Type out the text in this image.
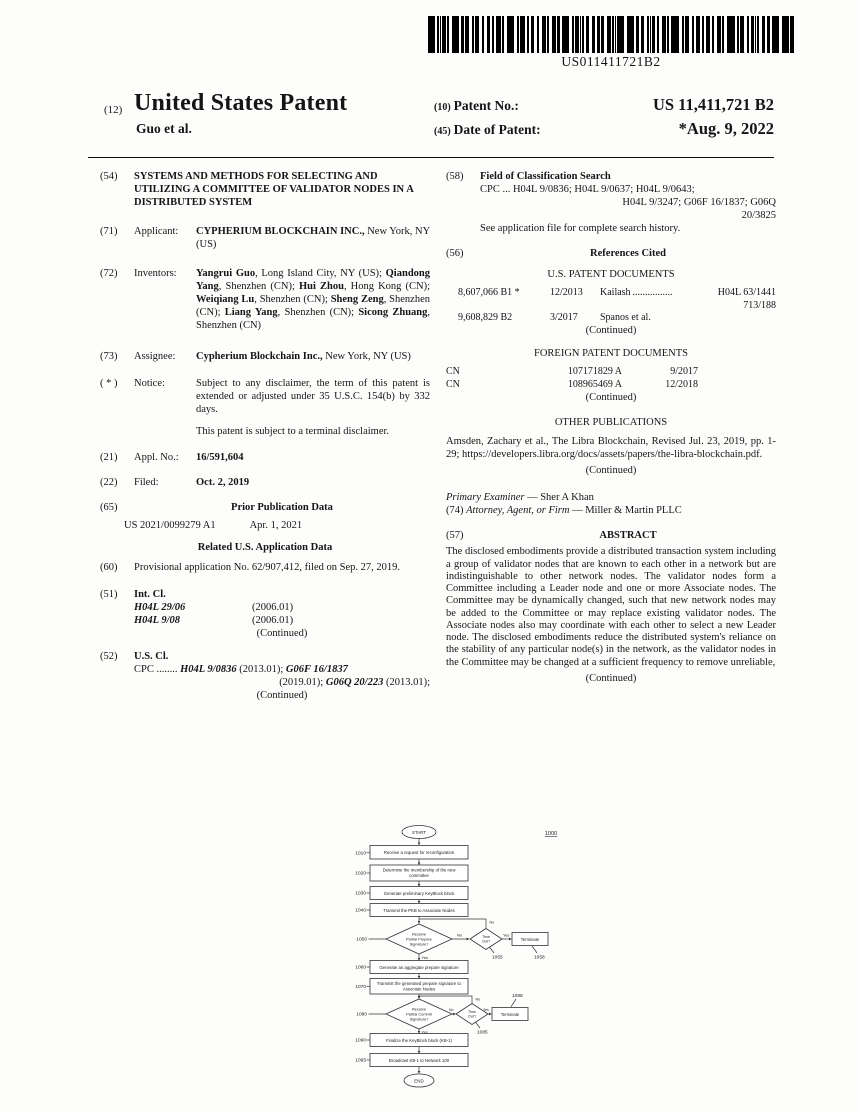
US011411721B2
(12) United States Patent
Guo et al.
(10) Patent No.:	US 11,411,721 B2
(45) Date of Patent:	*Aug. 9, 2022
(54)	SYSTEMS AND METHODS FOR SELECTING AND UTILIZING A COMMITTEE OF VALIDATOR NODES IN A DISTRIBUTED SYSTEM
(71)	Applicant:	CYPHERIUM BLOCKCHAIN INC., New York, NY (US)
(72)	Inventors:	Yangrui Guo, Long Island City, NY (US); Qiandong Yang, Shenzhen (CN); Hui Zhou, Hong Kong (CN); Weiqiang Lu, Shenzhen (CN); Sheng Zeng, Shenzhen (CN); Liang Yang, Shenzhen (CN); Sicong Zhuang, Shenzhen (CN)
(73)	Assignee:	Cypherium Blockchain Inc., New York, NY (US)
( * )	Notice:	Subject to any disclaimer, the term of this patent is extended or adjusted under 35 U.S.C. 154(b) by 332 days.
This patent is subject to a terminal disclaimer.
(21)	Appl. No.:	16/591,604
(22)	Filed:	Oct. 2, 2019
(65)	Prior Publication Data
US 2021/0099279 A1	Apr. 1, 2021
Related U.S. Application Data
(60)	Provisional application No. 62/907,412, filed on Sep. 27, 2019.
(51)	Int. Cl.
H04L 29/06	(2006.01)
H04L 9/08	(2006.01)
(Continued)
(52)	U.S. Cl.
CPC ........ H04L 9/0836 (2013.01); G06F 16/1837
(2019.01); G06Q 20/223 (2013.01);
(Continued)
(58)	Field of Classification Search
CPC ... H04L 9/0836; H04L 9/0637; H04L 9/0643;
H04L 9/3247; G06F 16/1837; G06Q
20/3825
See application file for complete search history.
(56)	References Cited
U.S. PATENT DOCUMENTS
8,607,066 B1 *	12/2013	Kailash ................	H04L 63/1441
713/188
9,608,829 B2	3/2017	Spanos et al.
(Continued)
FOREIGN PATENT DOCUMENTS
CN	107171829 A	9/2017
CN	108965469 A	12/2018
(Continued)
OTHER PUBLICATIONS
Amsden, Zachary et al., The Libra Blockchain, Revised Jul. 23, 2019, pp. 1-29; https://developers.libra.org/docs/assets/papers/the-libra-blockchain.pdf.
(Continued)
Primary Examiner — Sher A Khan
(74) Attorney, Agent, or Firm — Miller & Martin PLLC
(57)	ABSTRACT
The disclosed embodiments provide a distributed transaction system including a group of validator nodes that are known to each other in a network but are indistinguishable to other network nodes. The validator nodes form a Committee including a Leader node and one or more Associate nodes. The Committee may be dynamically changed, such that new network nodes may be added to the Committee or may replace existing validator nodes. The Associate nodes also may coordinate with each other to select a new Leader node. The disclosed embodiments reduce the distributed system's reliance on the stability of any particular node(s) in the network, as the validator nodes in the Committee may be changed at a sufficient frequency to remove unreliable,
(Continued)
1000
START
Receive a request for reconfiguration
Determine the membership of the new
committee
Generate preliminary KeyBlock block
Transmit the PKB to Associate Nodes
Receive
Partial Prepare
Signature?
Time
Out?	Terminate
Generate an aggregate prepare signature
Transmit the generated prepare signature to
Associate Nodes
Receive
Partial Commit
Signature?
Time
Out?	Terminate
Finalize the KeyBlock block (KB-1)
Broadcast KB-1 to Network 100
END
No	Yes
No
Yes
No	Yes
No
Yes
1010
1020
1030
1040
1050
1055	1058
1060
1070
1080
1085
1088
1090
1095
